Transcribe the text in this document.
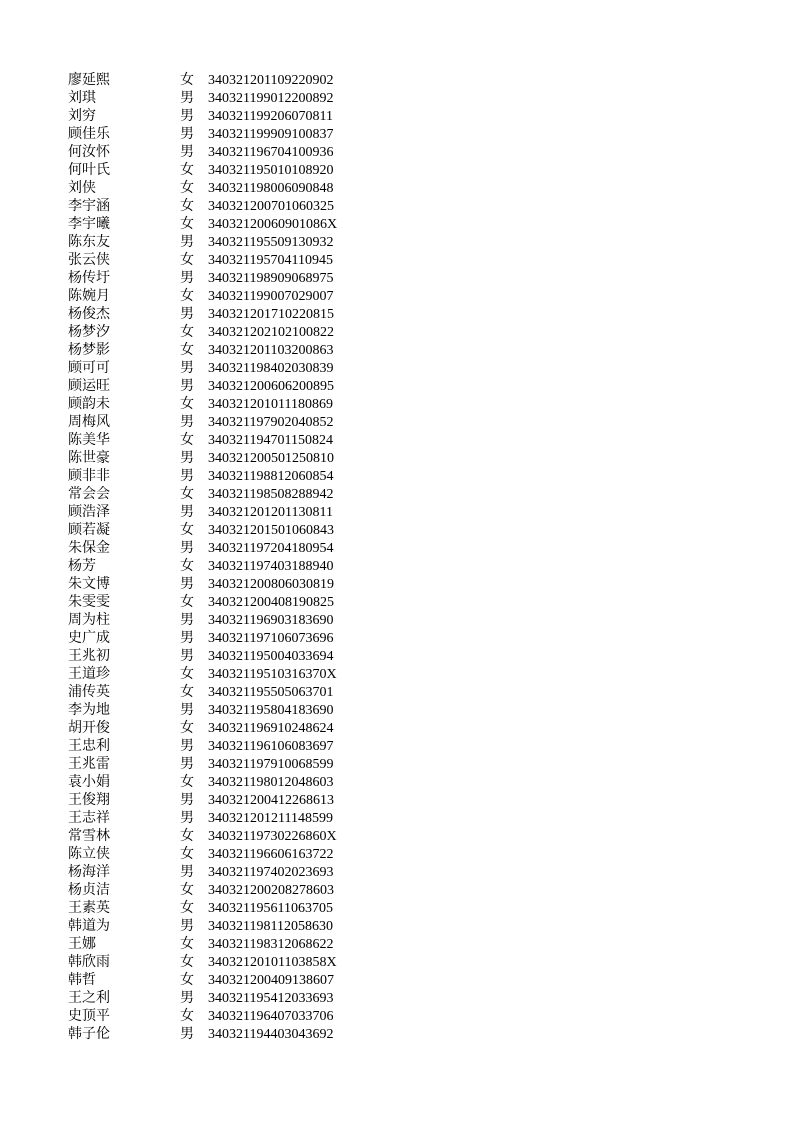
廖延熙	女	340321201109220902
刘琪	男	340321199012200892
刘穷	男	340321199206070811
顾佳乐	男	340321199909100837
何汝怀	男	340321196704100936
何叶氏	女	340321195010108920
刘侠	女	340321198006090848
李宇涵	女	340321200701060325
李宇曦	女	34032120060901086X
陈东友	男	340321195509130932
张云侠	女	340321195704110945
杨传圩	男	340321198909068975
陈婉月	女	340321199007029007
杨俊杰	男	340321201710220815
杨梦汐	女	340321202102100822
杨梦影	女	340321201103200863
顾可可	男	340321198402030839
顾运旺	男	340321200606200895
顾韵未	女	340321201011180869
周梅风	男	340321197902040852
陈美华	女	340321194701150824
陈世豪	男	340321200501250810
顾非非	男	340321198812060854
常会会	女	340321198508288942
顾浩泽	男	340321201201130811
顾若凝	女	340321201501060843
朱保金	男	340321197204180954
杨芳	女	340321197403188940
朱文博	男	340321200806030819
朱雯雯	女	340321200408190825
周为柱	男	340321196903183690
史广成	男	340321197106073696
王兆初	男	340321195004033694
王道珍	女	34032119510316370X
浦传英	女	340321195505063701
李为地	男	340321195804183690
胡开俊	女	340321196910248624
王忠利	男	340321196106083697
王兆雷	男	340321197910068599
袁小娟	女	340321198012048603
王俊翔	男	340321200412268613
王志祥	男	340321201211148599
常雪林	女	34032119730226860X
陈立侠	女	340321196606163722
杨海洋	男	340321197402023693
杨贞洁	女	340321200208278603
王素英	女	340321195611063705
韩道为	男	340321198112058630
王娜	女	340321198312068622
韩欣雨	女	34032120101103858X
韩哲	女	340321200409138607
王之利	男	340321195412033693
史顶平	女	340321196407033706
韩子伦	男	340321194403043692
